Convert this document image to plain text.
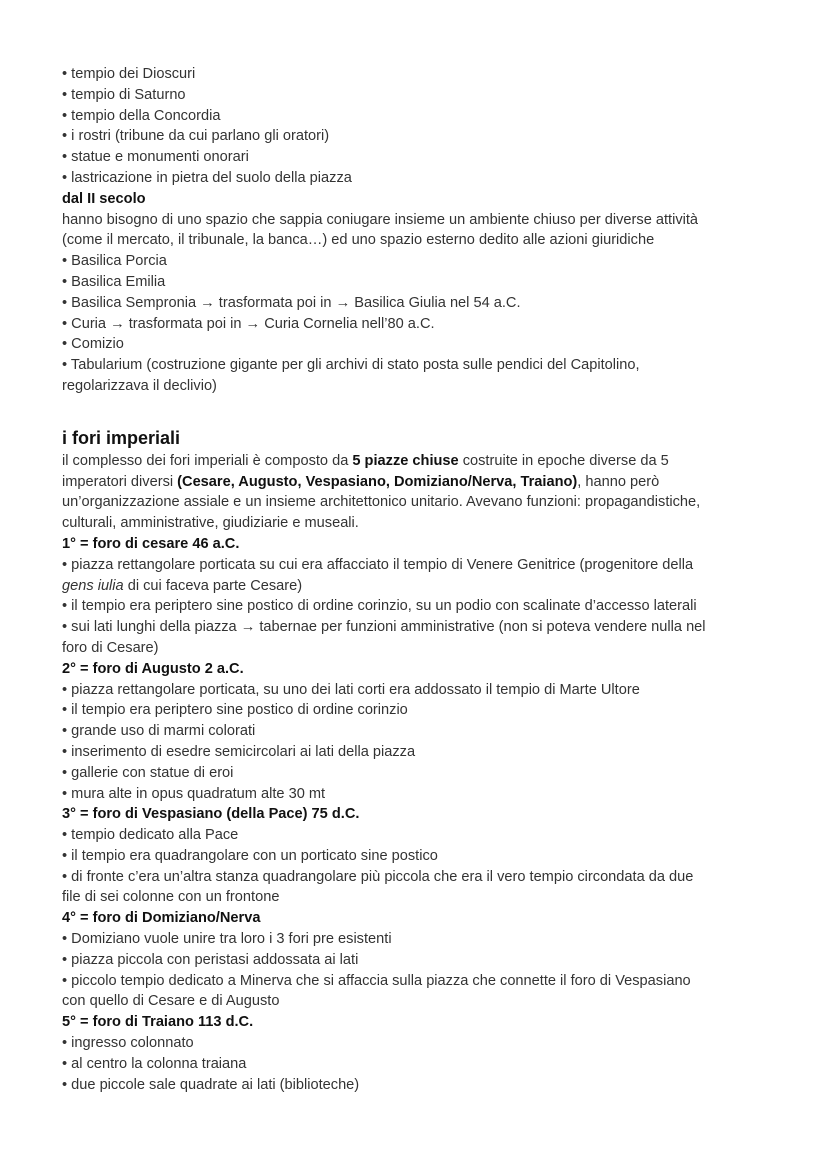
• tempio dei Dioscuri
• tempio di Saturno
• tempio della Concordia
• i rostri (tribune da cui parlano gli oratori)
• statue e monumenti onorari
• lastricazione in pietra del suolo della piazza
dal II secolo
hanno bisogno di uno spazio che sappia coniugare insieme un ambiente chiuso per diverse attività
(come il mercato, il tribunale, la banca…) ed uno spazio esterno dedito alle azioni giuridiche
• Basilica Porcia
• Basilica Emilia
• Basilica Sempronia → trasformata poi in → Basilica Giulia nel 54 a.C.
• Curia → trasformata poi in → Curia Cornelia nell’80 a.C.
• Comizio
• Tabularium (costruzione gigante per gli archivi di stato posta sulle pendici del Capitolino,
regolarizzava il declivio)
i fori imperiali
il complesso dei fori imperiali è composto da 5 piazze chiuse costruite in epoche diverse da 5
imperatori diversi (Cesare, Augusto, Vespasiano, Domiziano/Nerva, Traiano), hanno però
un’organizzazione assiale e un insieme architettonico unitario. Avevano funzioni: propagandistiche,
culturali, amministrative, giudiziarie e museali.
1° = foro di cesare 46 a.C.
• piazza rettangolare porticata su cui era affacciato il tempio di Venere Genitrice (progenitore della
gens iulia di cui faceva parte Cesare)
• il tempio era periptero sine postico di ordine corinzio, su un podio con scalinate d’accesso laterali
• sui lati lunghi della piazza → tabernae per funzioni amministrative (non si poteva vendere nulla nel
foro di Cesare)
2° = foro di Augusto 2 a.C.
• piazza rettangolare porticata, su uno dei lati corti era addossato il tempio di Marte Ultore
• il tempio era periptero sine postico di ordine corinzio
• grande uso di marmi colorati
• inserimento di esedre semicircolari ai lati della piazza
• gallerie con statue di eroi
• mura alte in opus quadratum alte 30 mt
3° = foro di Vespasiano (della Pace) 75 d.C.
• tempio dedicato alla Pace
• il tempio era quadrangolare con un porticato sine postico
• di fronte c’era un’altra stanza quadrangolare più piccola che era il vero tempio circondata da due
file di sei colonne con un frontone
4° = foro di Domiziano/Nerva
• Domiziano vuole unire tra loro i 3 fori pre esistenti
• piazza piccola con peristasi addossata ai lati
• piccolo tempio dedicato a Minerva che si affaccia sulla piazza che connette il foro di Vespasiano
con quello di Cesare e di Augusto
5° = foro di Traiano 113 d.C.
• ingresso colonnato
• al centro la colonna traiana
• due piccole sale quadrate ai lati (biblioteche)
